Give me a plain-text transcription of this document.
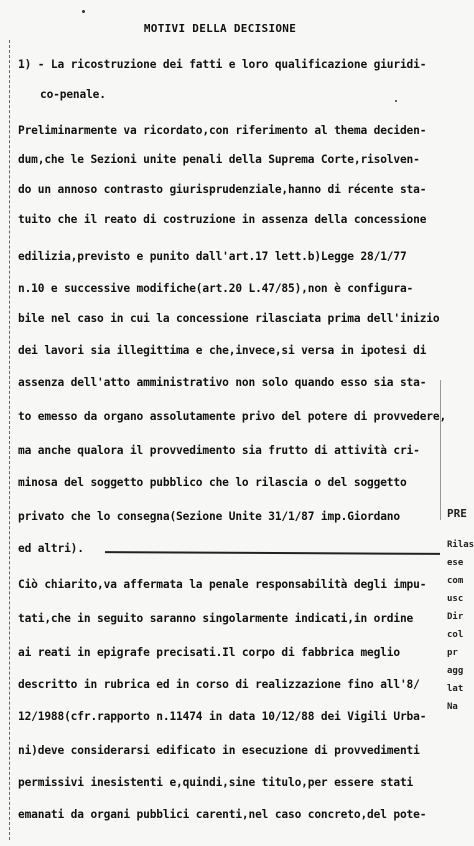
MOTIVI DELLA DECISIONE
1) - La ricostruzione dei fatti e loro qualificazione giuridi-
co-penale.
Preliminarmente va ricordato,con riferimento al thema deciden-
dum,che le Sezioni unite penali della Suprema Corte,risolven-
do un annoso contrasto giurisprudenziale,hanno di récente sta-
tuito che il reato di costruzione in assenza della concessione
edilizia,previsto e punito dall'art.17 lett.b)Legge 28/1/77
n.10 e successive modifiche(art.20 L.47/85),non è configura-
bile nel caso in cui la concessione rilasciata prima dell'inizio
dei lavori sia illegittima e che,invece,si versa in ipotesi di
assenza dell'atto amministrativo non solo quando esso sia sta-
to emesso da organo assolutamente privo del potere di provvedere,
ma anche qualora il provvedimento sia frutto di attività cri-
minosa del soggetto pubblico che lo rilascia o del soggetto
privato che lo consegna(Sezione Unite 31/1/87 imp.Giordano
ed altri).
Ciò chiarito,va affermata la penale responsabilità degli impu-
tati,che in seguito saranno singolarmente indicati,in ordine
ai reati in epigrafe precisati.Il corpo di fabbrica meglio
descritto in rubrica ed in corso di realizzazione fino all'8/
12/1988(cfr.rapporto n.11474 in data 10/12/88 dei Vigili Urba-
ni)deve considerarsi edificato in esecuzione di provvedimenti
permissivi inesistenti e,quindi,sine titulo,per essere stati
emanati da organi pubblici carenti,nel caso concreto,del pote-
PRE
Rilas
ese
com
usc
Dir
col
pr
agg
lat
Na
